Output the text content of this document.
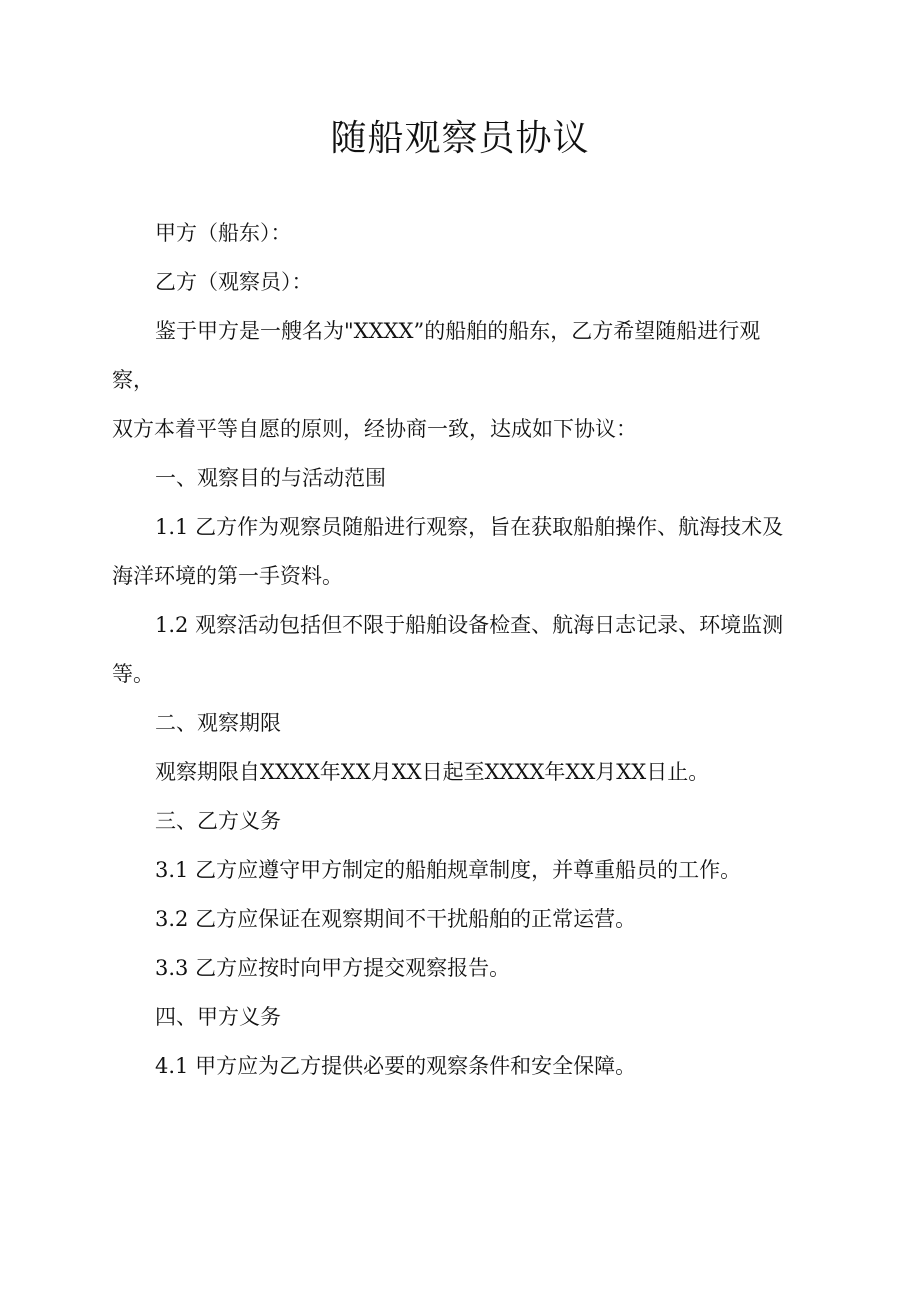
随船观察员协议
甲方（船东）：
乙方（观察员）：
鉴于甲方是一艘名为"XXXX”的船舶的船东，乙方希望随船进行观
察，
双方本着平等自愿的原则，经协商一致，达成如下协议：
一、观察目的与活动范围
1.1 乙方作为观察员随船进行观察，旨在获取船舶操作、航海技术及
海洋环境的第一手资料。
1.2 观察活动包括但不限于船舶设备检查、航海日志记录、环境监测
等。
二、观察期限
观察期限自XXXX年XX月XX日起至XXXX年XX月XX日止。
三、乙方义务
3.1 乙方应遵守甲方制定的船舶规章制度，并尊重船员的工作。
3.2 乙方应保证在观察期间不干扰船舶的正常运营。
3.3 乙方应按时向甲方提交观察报告。
四、甲方义务
4.1 甲方应为乙方提供必要的观察条件和安全保障。
